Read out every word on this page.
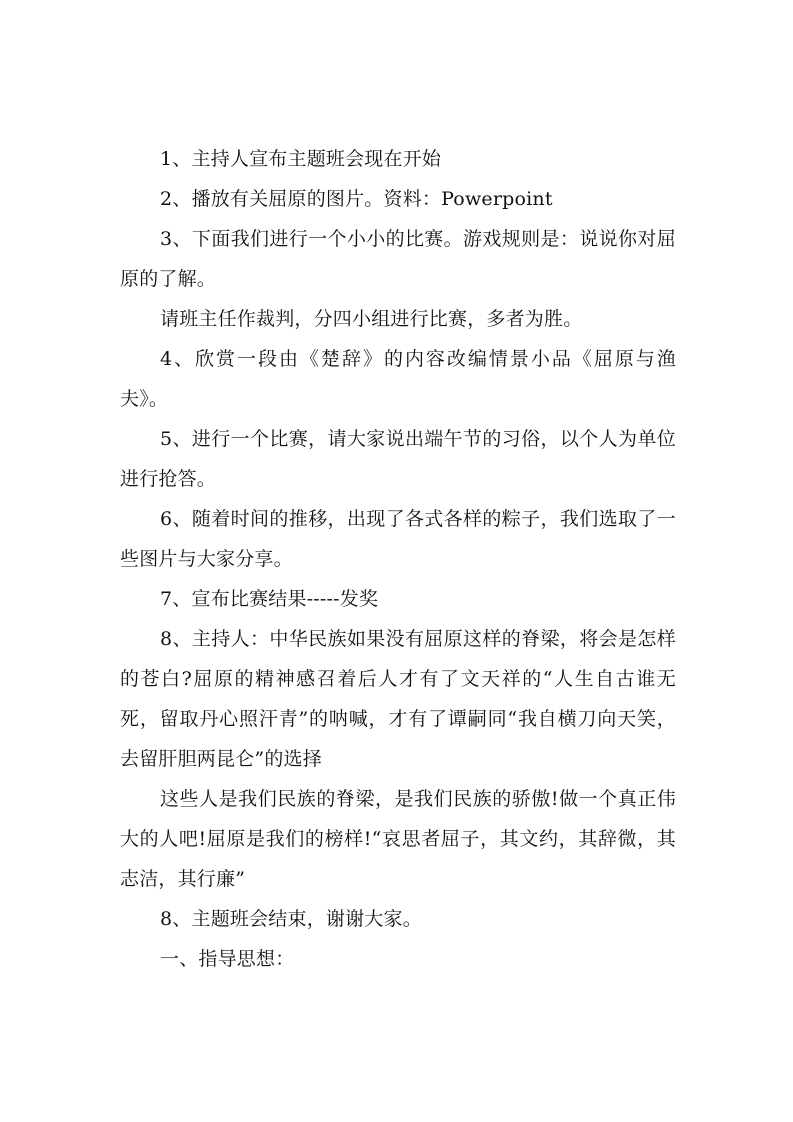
1、主持人宣布主题班会现在开始

2、播放有关屈原的图片。资料：Powerpoint

3、下面我们进行一个小小的比赛。游戏规则是：说说你对屈原的了解。

请班主任作裁判，分四小组进行比赛，多者为胜。

4、欣赏一段由《楚辞》的内容改编情景小品《屈原与渔夫》。

5、进行一个比赛，请大家说出端午节的习俗，以个人为单位进行抢答。

6、随着时间的推移，出现了各式各样的粽子，我们选取了一些图片与大家分享。

7、宣布比赛结果-----发奖

8、主持人：中华民族如果没有屈原这样的脊梁，将会是怎样的苍白?屈原的精神感召着后人才有了文天祥的“人生自古谁无死，留取丹心照汗青”的呐喊，才有了谭嗣同“我自横刀向天笑，去留肝胆两昆仑”的选择

这些人是我们民族的脊梁，是我们民族的骄傲!做一个真正伟大的人吧!屈原是我们的榜样!“哀思者屈子，其文约，其辞微，其志洁，其行廉”

8、主题班会结束，谢谢大家。

一、指导思想：
